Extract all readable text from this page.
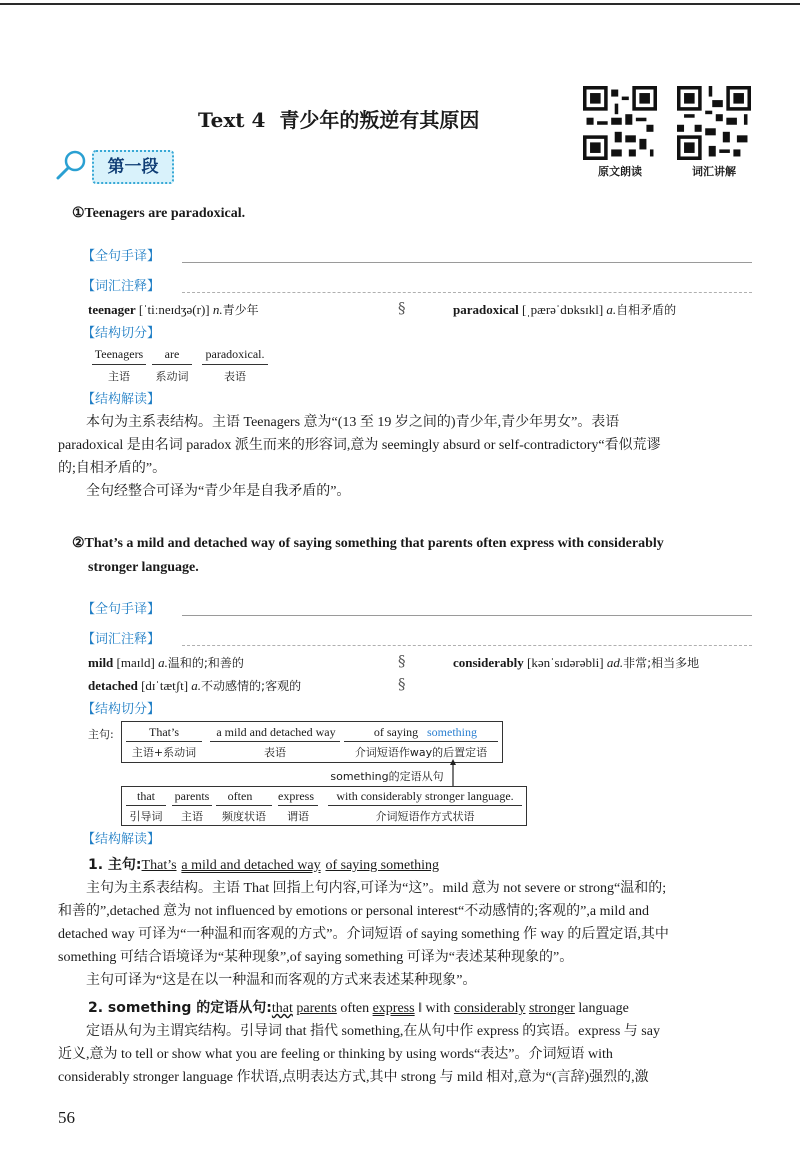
Text 4 青少年的叛逆有其原因
原文朗读	词汇讲解
第一段
①Teenagers are paradoxical.
【全句手译】
【词汇注释】
teenager [ˈtiːneɪdʒə(r)] n.青少年	§	paradoxical [ˌpærəˈdɒksɪkl] a.自相矛盾的
【结构切分】
Teenagers	are	paradoxical.
主语	系动词	表语
【结构解读】
本句为主系表结构。主语 Teenagers 意为“(13 至 19 岁之间的)青少年,青少年男女”。表语
paradoxical 是由名词 paradox 派生而来的形容词,意为 seemingly absurd or self-contradictory“看似荒谬
的;自相矛盾的”。
全句经整合可译为“青少年是自我矛盾的”。
②That’s a mild and detached way of saying something that parents often express with considerably
stronger language.
【全句手译】
【词汇注释】
mild [maɪld] a.温和的;和善的	§	considerably [kənˈsɪdərəbli] ad.非常;相当多地
detached [dɪˈtætʃt] a.不动感情的;客观的	§
【结构切分】
主句:	That’s	a mild and detached way	of saying something
主语+系动词	表语	介词短语作way的后置定语
something的定语从句
that	parents	often	express	with considerably stronger language.
引导词	主语	频度状语	谓语	介词短语作方式状语
【结构解读】
1. 主句:That’s a mild and detached way of saying something
主句为主系表结构。主语 That 回指上句内容,可译为“这”。mild 意为 not severe or strong“温和的;
和善的”,detached 意为 not influenced by emotions or personal interest“不动感情的;客观的”,a mild and
detached way 可译为“一种温和而客观的方式”。介词短语 of saying something 作 way 的后置定语,其中
something 可结合语境译为“某种现象”,of saying something 可译为“表述某种现象的”。
主句可译为“这是在以一种温和而客观的方式来表述某种现象”。
2. something 的定语从句:that parents often express ‖ with considerably stronger language
定语从句为主谓宾结构。引导词 that 指代 something,在从句中作 express 的宾语。express 与 say
近义,意为 to tell or show what you are feeling or thinking by using words“表达”。介词短语 with
considerably stronger language 作状语,点明表达方式,其中 strong 与 mild 相对,意为“(言辞)强烈的,激
56
